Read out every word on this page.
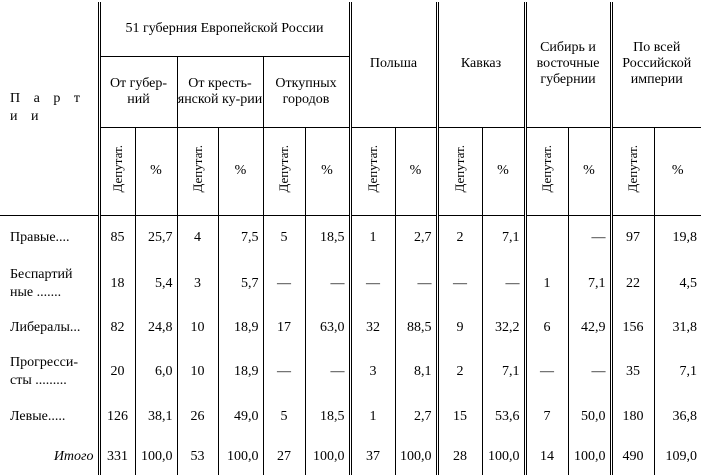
П а р т и и	51 губерния Европейской России						Польша		Кавказ		Сибирь и восточные губернии		По всей Российской империи	
	От губер-ний		От кресть-янской ку-рии		Откупных городов									
	Депутат.	%	Депутат.	%	Депутат.	%	Депутат.	%	Депутат.	%	Депутат.	%	Депутат.	%
Правые....	85	25,7	4	7,5	5	18,5	1	2,7	2	7,1		—	97	19,8
Беспартий ные .......	18	5,4	3	5,7	—	—	—	—	—	—	1	7,1	22	4,5
Либералы...	82	24,8	10	18,9	17	63,0	32	88,5	9	32,2	6	42,9	156	31,8
Прогресси-сты .........	20	6,0	10	18,9	—	—	3	8,1	2	7,1	—	—	35	7,1
Левые.....	126	38,1	26	49,0	5	18,5	1	2,7	15	53,6	7	50,0	180	36,8
Итого	331	100,0	53	100,0	27	100,0	37	100,0	28	100,0	14	100,0	490	109,0
